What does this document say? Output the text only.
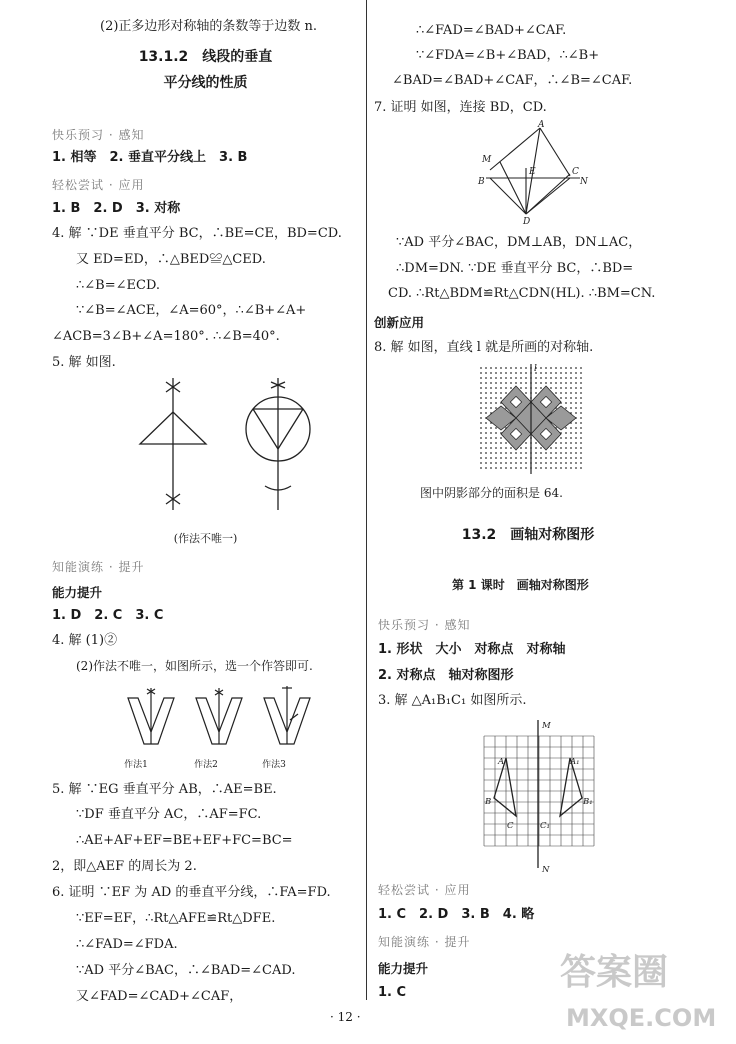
(2)正多边形对称轴的条数等于边数 n.
13.1.2　线段的垂直
平分线的性质
快乐预习 · 感知
1. 相等　2. 垂直平分线上　3. B
轻松尝试 · 应用
1. B　2. D　3. 对称
4. 解 ∵DE 垂直平分 BC，∴BE=CE，BD=CD.
又 ED=ED，∴△BED≌△CED.
∴∠B=∠ECD.
∵∠B=∠ACE，∠A=60°，∴∠B+∠A+
∠ACB=3∠B+∠A=180°. ∴∠B=40°.
5. 解 如图.
(作法不唯一)
知能演练 · 提升
能力提升
1. D　2. C　3. C
4. 解 (1)②
(2)作法不唯一，如图所示，选一个作答即可.
作法1	作法2	作法3
5. 解 ∵EG 垂直平分 AB，∴AE=BE.
∵DF 垂直平分 AC，∴AF=FC.
∴AE+AF+EF=BE+EF+FC=BC=
2，即△AEF 的周长为 2.
6. 证明 ∵EF 为 AD 的垂直平分线，∴FA=FD.
∵EF=EF，∴Rt△AFE≌Rt△DFE.
∴∠FAD=∠FDA.
∵AD 平分∠BAC，∴∠BAD=∠CAD.
又∠FAD=∠CAD+∠CAF，
∴∠FAD=∠BAD+∠CAF.
∵∠FDA=∠B+∠BAD，∴∠B+
∠BAD=∠BAD+∠CAF，∴∠B=∠CAF.
7. 证明 如图，连接 BD，CD.
A
M
B
E	C
N
D
∵AD 平分∠BAC，DM⊥AB，DN⊥AC，
∴DM=DN. ∵DE 垂直平分 BC，∴BD=
CD. ∴Rt△BDM≌Rt△CDN(HL). ∴BM=CN.
创新应用
8. 解 如图，直线 l 就是所画的对称轴.
l
图中阴影部分的面积是 64.
13.2　画轴对称图形
第 1 课时　画轴对称图形
快乐预习 · 感知
1. 形状　大小　对称点　对称轴
2. 对称点　轴对称图形
3. 解 △A₁B₁C₁ 如图所示.
M
N
A	A₁
B	B₁
C	C₁
轻松尝试 · 应用
1. C　2. D　3. B　4. 略
知能演练 · 提升
能力提升
1. C
· 12 ·
答案圈
MXQE.COM
